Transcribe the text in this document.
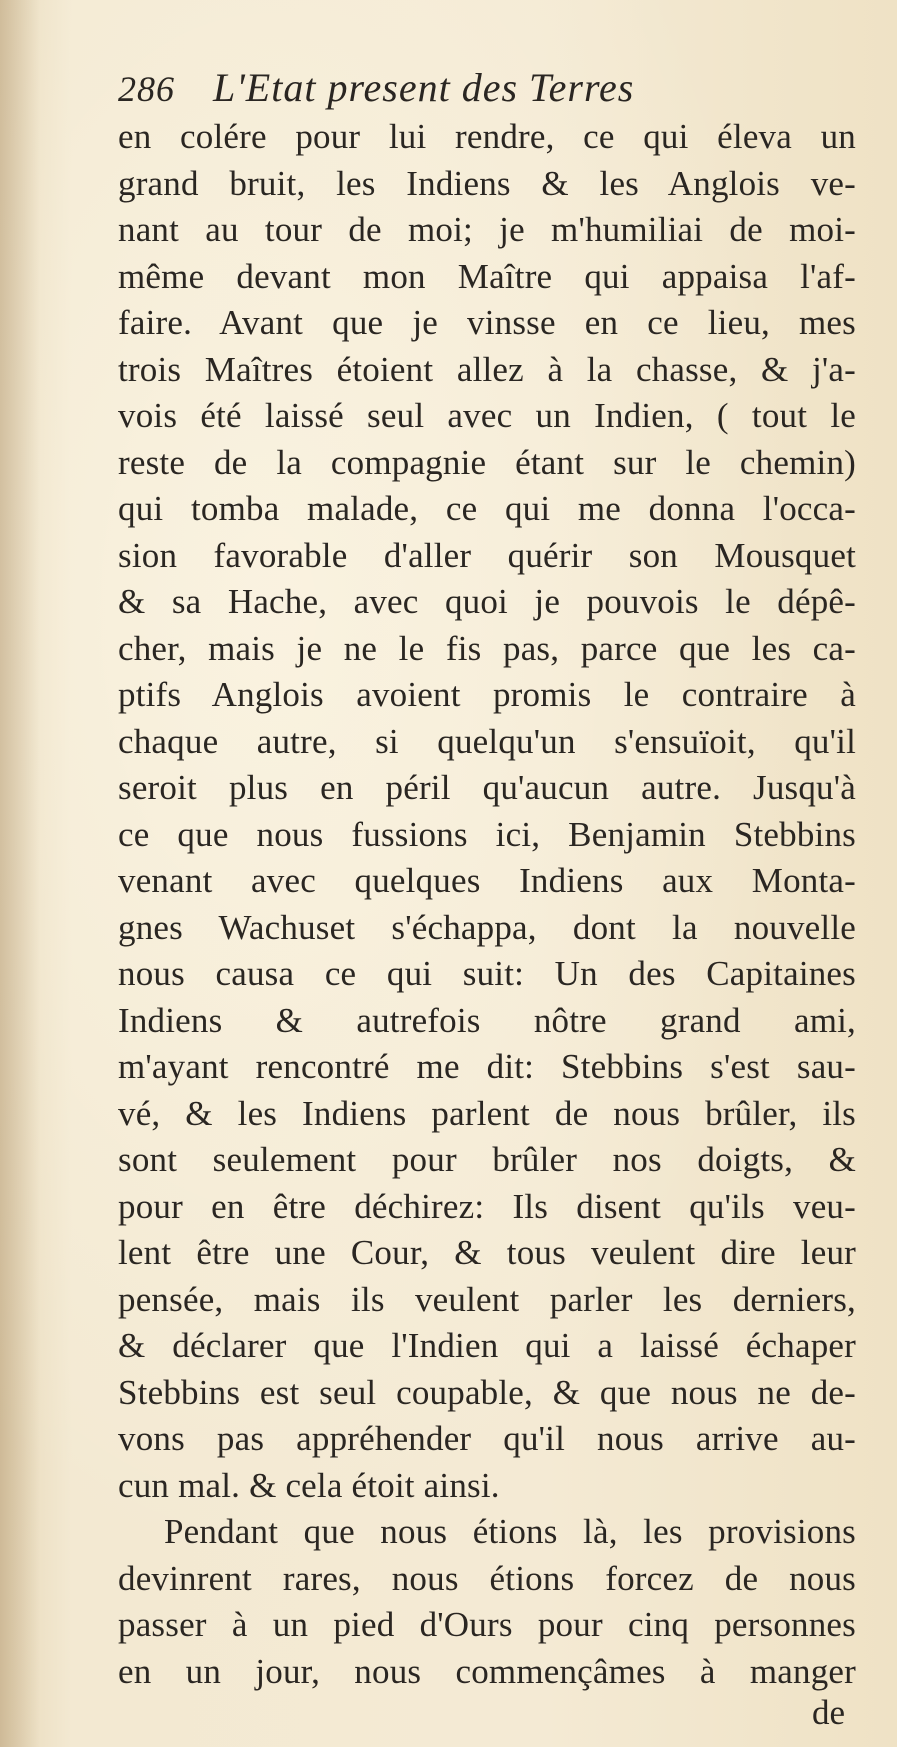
286 L'Etat present des Terres
en colére pour lui rendre, ce qui éleva un
grand bruit, les Indiens & les Anglois ve-
nant au tour de moi; je m'humiliai de moi-
même devant mon Maître qui appaisa l'af-
faire. Avant que je vinsse en ce lieu, mes
trois Maîtres étoient allez à la chasse, & j'a-
vois été laissé seul avec un Indien, ( tout le
reste de la compagnie étant sur le chemin)
qui tomba malade, ce qui me donna l'occa-
sion favorable d'aller quérir son Mousquet
& sa Hache, avec quoi je pouvois le dépê-
cher, mais je ne le fis pas, parce que les ca-
ptifs Anglois avoient promis le contraire à
chaque autre, si quelqu'un s'ensuïoit, qu'il
seroit plus en péril qu'aucun autre. Jusqu'à
ce que nous fussions ici, Benjamin Stebbins
venant avec quelques Indiens aux Monta-
gnes Wachuset s'échappa, dont la nouvelle
nous causa ce qui suit: Un des Capitaines
Indiens & autrefois nôtre grand ami,
m'ayant rencontré me dit: Stebbins s'est sau-
vé, & les Indiens parlent de nous brûler, ils
sont seulement pour brûler nos doigts, &
pour en être déchirez: Ils disent qu'ils veu-
lent être une Cour, & tous veulent dire leur
pensée, mais ils veulent parler les derniers,
& déclarer que l'Indien qui a laissé échaper
Stebbins est seul coupable, & que nous ne de-
vons pas appréhender qu'il nous arrive au-
cun mal. & cela étoit ainsi.
Pendant que nous étions là, les provisions
devinrent rares, nous étions forcez de nous
passer à un pied d'Ours pour cinq personnes
en un jour, nous commençâmes à manger
de
